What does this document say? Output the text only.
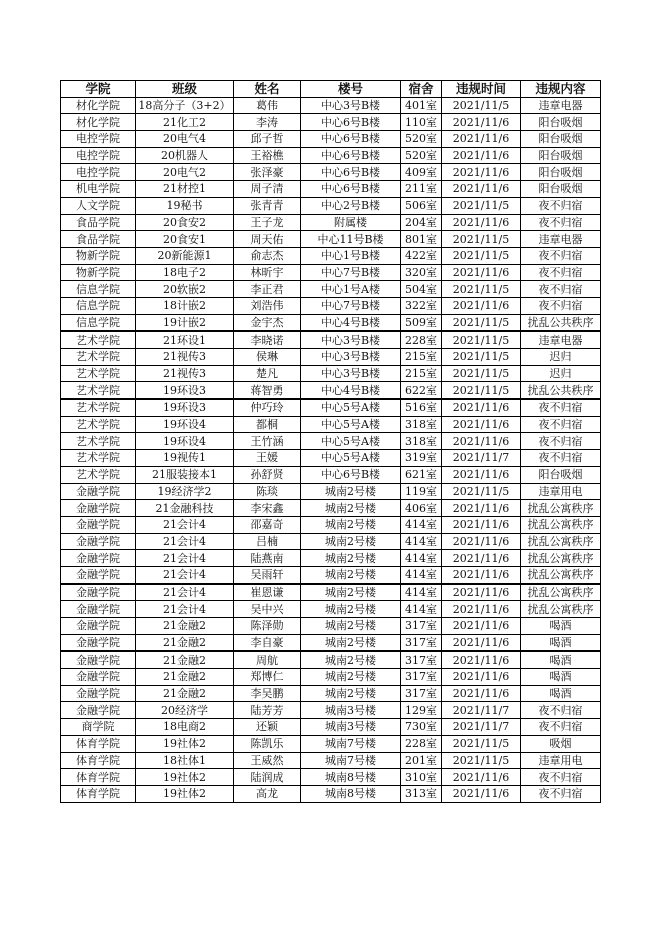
学院	班级	姓名	楼号	宿舍	违规时间	违规内容
材化学院	18高分子（3+2）	葛伟	中心3号B楼	401室	2021/11/5	违章电器
材化学院	21化工2	李涛	中心6号B楼	110室	2021/11/6	阳台吸烟
电控学院	20电气4	邱子哲	中心6号B楼	520室	2021/11/6	阳台吸烟
电控学院	20机器人	王裕樵	中心6号B楼	520室	2021/11/6	阳台吸烟
电控学院	20电气2	张泽豪	中心6号B楼	409室	2021/11/6	阳台吸烟
机电学院	21材控1	周子清	中心6号B楼	211室	2021/11/6	阳台吸烟
人文学院	19秘书	张青青	中心2号B楼	506室	2021/11/5	夜不归宿
食品学院	20食安2	王子龙	附属楼	204室	2021/11/6	夜不归宿
食品学院	20食安1	周天佑	中心11号B楼	801室	2021/11/5	违章电器
物新学院	20新能源1	俞志杰	中心1号B楼	422室	2021/11/5	夜不归宿
物新学院	18电子2	林昕宇	中心7号B楼	320室	2021/11/6	夜不归宿
信息学院	20软嵌2	李正君	中心1号A楼	504室	2021/11/5	夜不归宿
信息学院	18计嵌2	刘浩伟	中心7号B楼	322室	2021/11/6	夜不归宿
信息学院	19计嵌2	金宇杰	中心4号B楼	509室	2021/11/5	扰乱公共秩序
艺术学院	21环设1	李晓诺	中心3号B楼	228室	2021/11/5	违章电器
艺术学院	21视传3	侯琳	中心3号B楼	215室	2021/11/5	迟归
艺术学院	21视传3	楚凡	中心3号B楼	215室	2021/11/5	迟归
艺术学院	19环设3	蒋智勇	中心4号B楼	622室	2021/11/5	扰乱公共秩序
艺术学院	19环设3	仲巧玲	中心5号A楼	516室	2021/11/6	夜不归宿
艺术学院	19环设4	都桐	中心5号A楼	318室	2021/11/6	夜不归宿
艺术学院	19环设4	王竹涵	中心5号A楼	318室	2021/11/6	夜不归宿
艺术学院	19视传1	王媛	中心5号A楼	319室	2021/11/7	夜不归宿
艺术学院	21服装接本1	孙舒贤	中心6号B楼	621室	2021/11/6	阳台吸烟
金融学院	19经济学2	陈琰	城南2号楼	119室	2021/11/5	违章用电
金融学院	21金融科技	李宋鑫	城南2号楼	406室	2021/11/6	扰乱公寓秩序
金融学院	21会计4	邵嘉奇	城南2号楼	414室	2021/11/6	扰乱公寓秩序
金融学院	21会计4	吕楠	城南2号楼	414室	2021/11/6	扰乱公寓秩序
金融学院	21会计4	陆燕南	城南2号楼	414室	2021/11/6	扰乱公寓秩序
金融学院	21会计4	吴雨轩	城南2号楼	414室	2021/11/6	扰乱公寓秩序
金融学院	21会计4	崔恩谦	城南2号楼	414室	2021/11/6	扰乱公寓秩序
金融学院	21会计4	吴中兴	城南2号楼	414室	2021/11/6	扰乱公寓秩序
金融学院	21金融2	陈泽勋	城南2号楼	317室	2021/11/6	喝酒
金融学院	21金融2	李自豪	城南2号楼	317室	2021/11/6	喝酒
金融学院	21金融2	周航	城南2号楼	317室	2021/11/6	喝酒
金融学院	21金融2	郑博仁	城南2号楼	317室	2021/11/6	喝酒
金融学院	21金融2	李吴鹏	城南2号楼	317室	2021/11/6	喝酒
金融学院	20经济学	陆芳芳	城南3号楼	129室	2021/11/7	夜不归宿
商学院	18电商2	还颖	城南3号楼	730室	2021/11/7	夜不归宿
体育学院	19社体2	陈凯乐	城南7号楼	228室	2021/11/5	吸烟
体育学院	18社体1	王威然	城南7号楼	201室	2021/11/5	违章用电
体育学院	19社体2	陆润成	城南8号楼	310室	2021/11/6	夜不归宿
体育学院	19社体2	高龙	城南8号楼	313室	2021/11/6	夜不归宿
